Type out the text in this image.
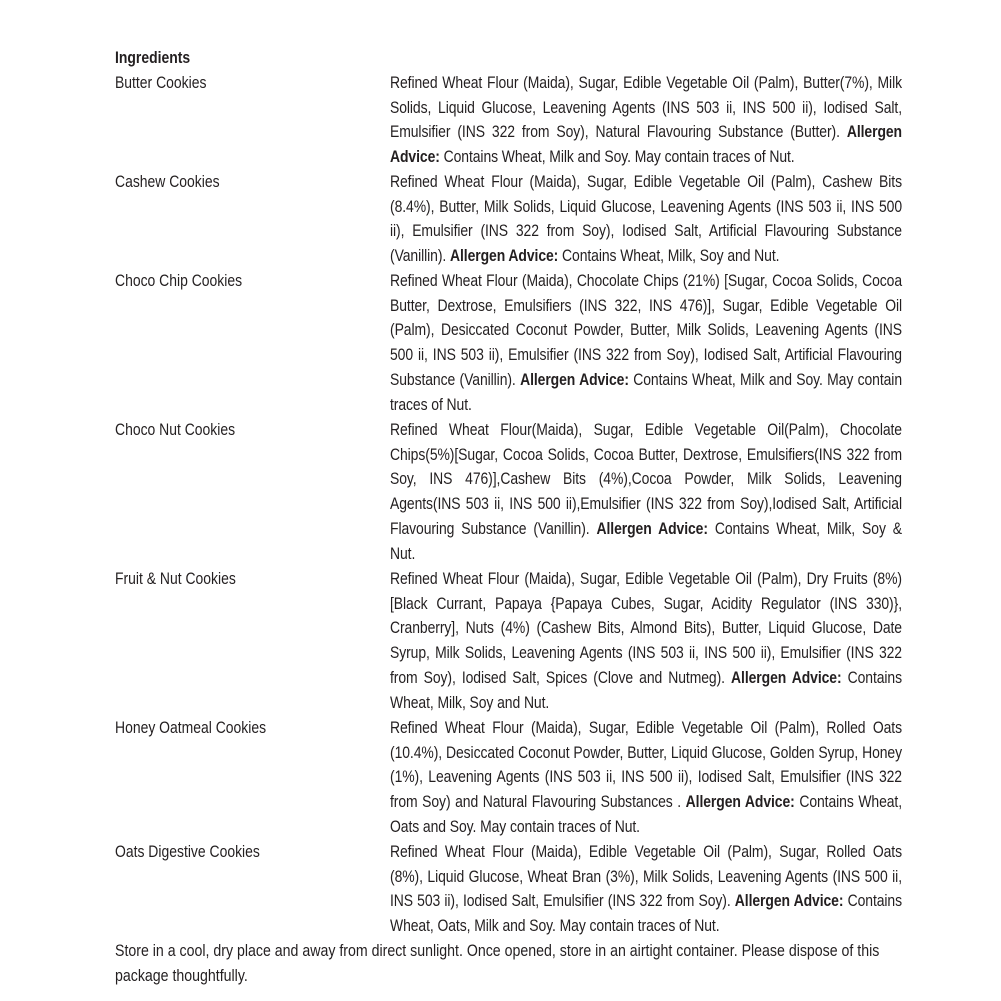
Ingredients
Butter Cookies	Refined Wheat Flour (Maida), Sugar, Edible Vegetable Oil (Palm), Butter(7%), Milk Solids, Liquid Glucose, Leavening Agents (INS 503 ii, INS 500 ii), Iodised Salt, Emulsifier (INS 322 from Soy), Natural Flavouring Substance (Butter). Allergen Advice: Contains Wheat, Milk and Soy. May contain traces of Nut.
Cashew Cookies	Refined Wheat Flour (Maida), Sugar, Edible Vegetable Oil (Palm), Cashew Bits (8.4%), Butter, Milk Solids, Liquid Glucose, Leavening Agents (INS 503 ii, INS 500 ii), Emulsifier (INS 322 from Soy), Iodised Salt, Artificial Flavouring Substance (Vanillin). Allergen Advice: Contains Wheat, Milk, Soy and Nut.
Choco Chip Cookies	Refined Wheat Flour (Maida), Chocolate Chips (21%) [Sugar, Cocoa Solids, Cocoa Butter, Dextrose, Emulsifiers (INS 322, INS 476)], Sugar, Edible Vegetable Oil (Palm), Desiccated Coconut Powder, Butter, Milk Solids, Leavening Agents (INS 500 ii, INS 503 ii), Emulsifier (INS 322 from Soy), Iodised Salt, Artificial Flavouring Substance (Vanillin). Allergen Advice: Contains Wheat, Milk and Soy. May contain traces of Nut.
Choco Nut Cookies	Refined Wheat Flour(Maida), Sugar, Edible Vegetable Oil(Palm), Chocolate Chips(5%)[Sugar, Cocoa Solids, Cocoa Butter, Dextrose, Emulsifiers(INS 322 from Soy, INS 476)],Cashew Bits (4%),Cocoa Powder, Milk Solids, Leavening Agents(INS 503 ii, INS 500 ii),Emulsifier (INS 322 from Soy),Iodised Salt, Artificial Flavouring Substance (Vanillin). Allergen Advice: Contains Wheat, Milk, Soy & Nut.
Fruit & Nut Cookies	Refined Wheat Flour (Maida), Sugar, Edible Vegetable Oil (Palm), Dry Fruits (8%) [Black Currant, Papaya {Papaya Cubes, Sugar, Acidity Regulator (INS 330)}, Cranberry], Nuts (4%) (Cashew Bits, Almond Bits), Butter, Liquid Glucose, Date Syrup, Milk Solids, Leavening Agents (INS 503 ii, INS 500 ii), Emulsifier (INS 322 from Soy), Iodised Salt, Spices (Clove and Nutmeg). Allergen Advice: Contains Wheat, Milk, Soy and Nut.
Honey Oatmeal Cookies	Refined Wheat Flour (Maida), Sugar, Edible Vegetable Oil (Palm), Rolled Oats (10.4%), Desiccated Coconut Powder, Butter, Liquid Glucose, Golden Syrup, Honey (1%), Leavening Agents (INS 503 ii, INS 500 ii), Iodised Salt, Emulsifier (INS 322 from Soy) and Natural Flavouring Substances . Allergen Advice: Contains Wheat, Oats and Soy. May contain traces of Nut.
Oats Digestive Cookies	Refined Wheat Flour (Maida), Edible Vegetable Oil (Palm), Sugar, Rolled Oats (8%), Liquid Glucose, Wheat Bran (3%), Milk Solids, Leavening Agents (INS 500 ii, INS 503 ii), Iodised Salt, Emulsifier (INS 322 from Soy). Allergen Advice: Contains Wheat, Oats, Milk and Soy. May contain traces of Nut.
Store in a cool, dry place and away from direct sunlight. Once opened, store in an airtight container. Please dispose of this package thoughtfully.
